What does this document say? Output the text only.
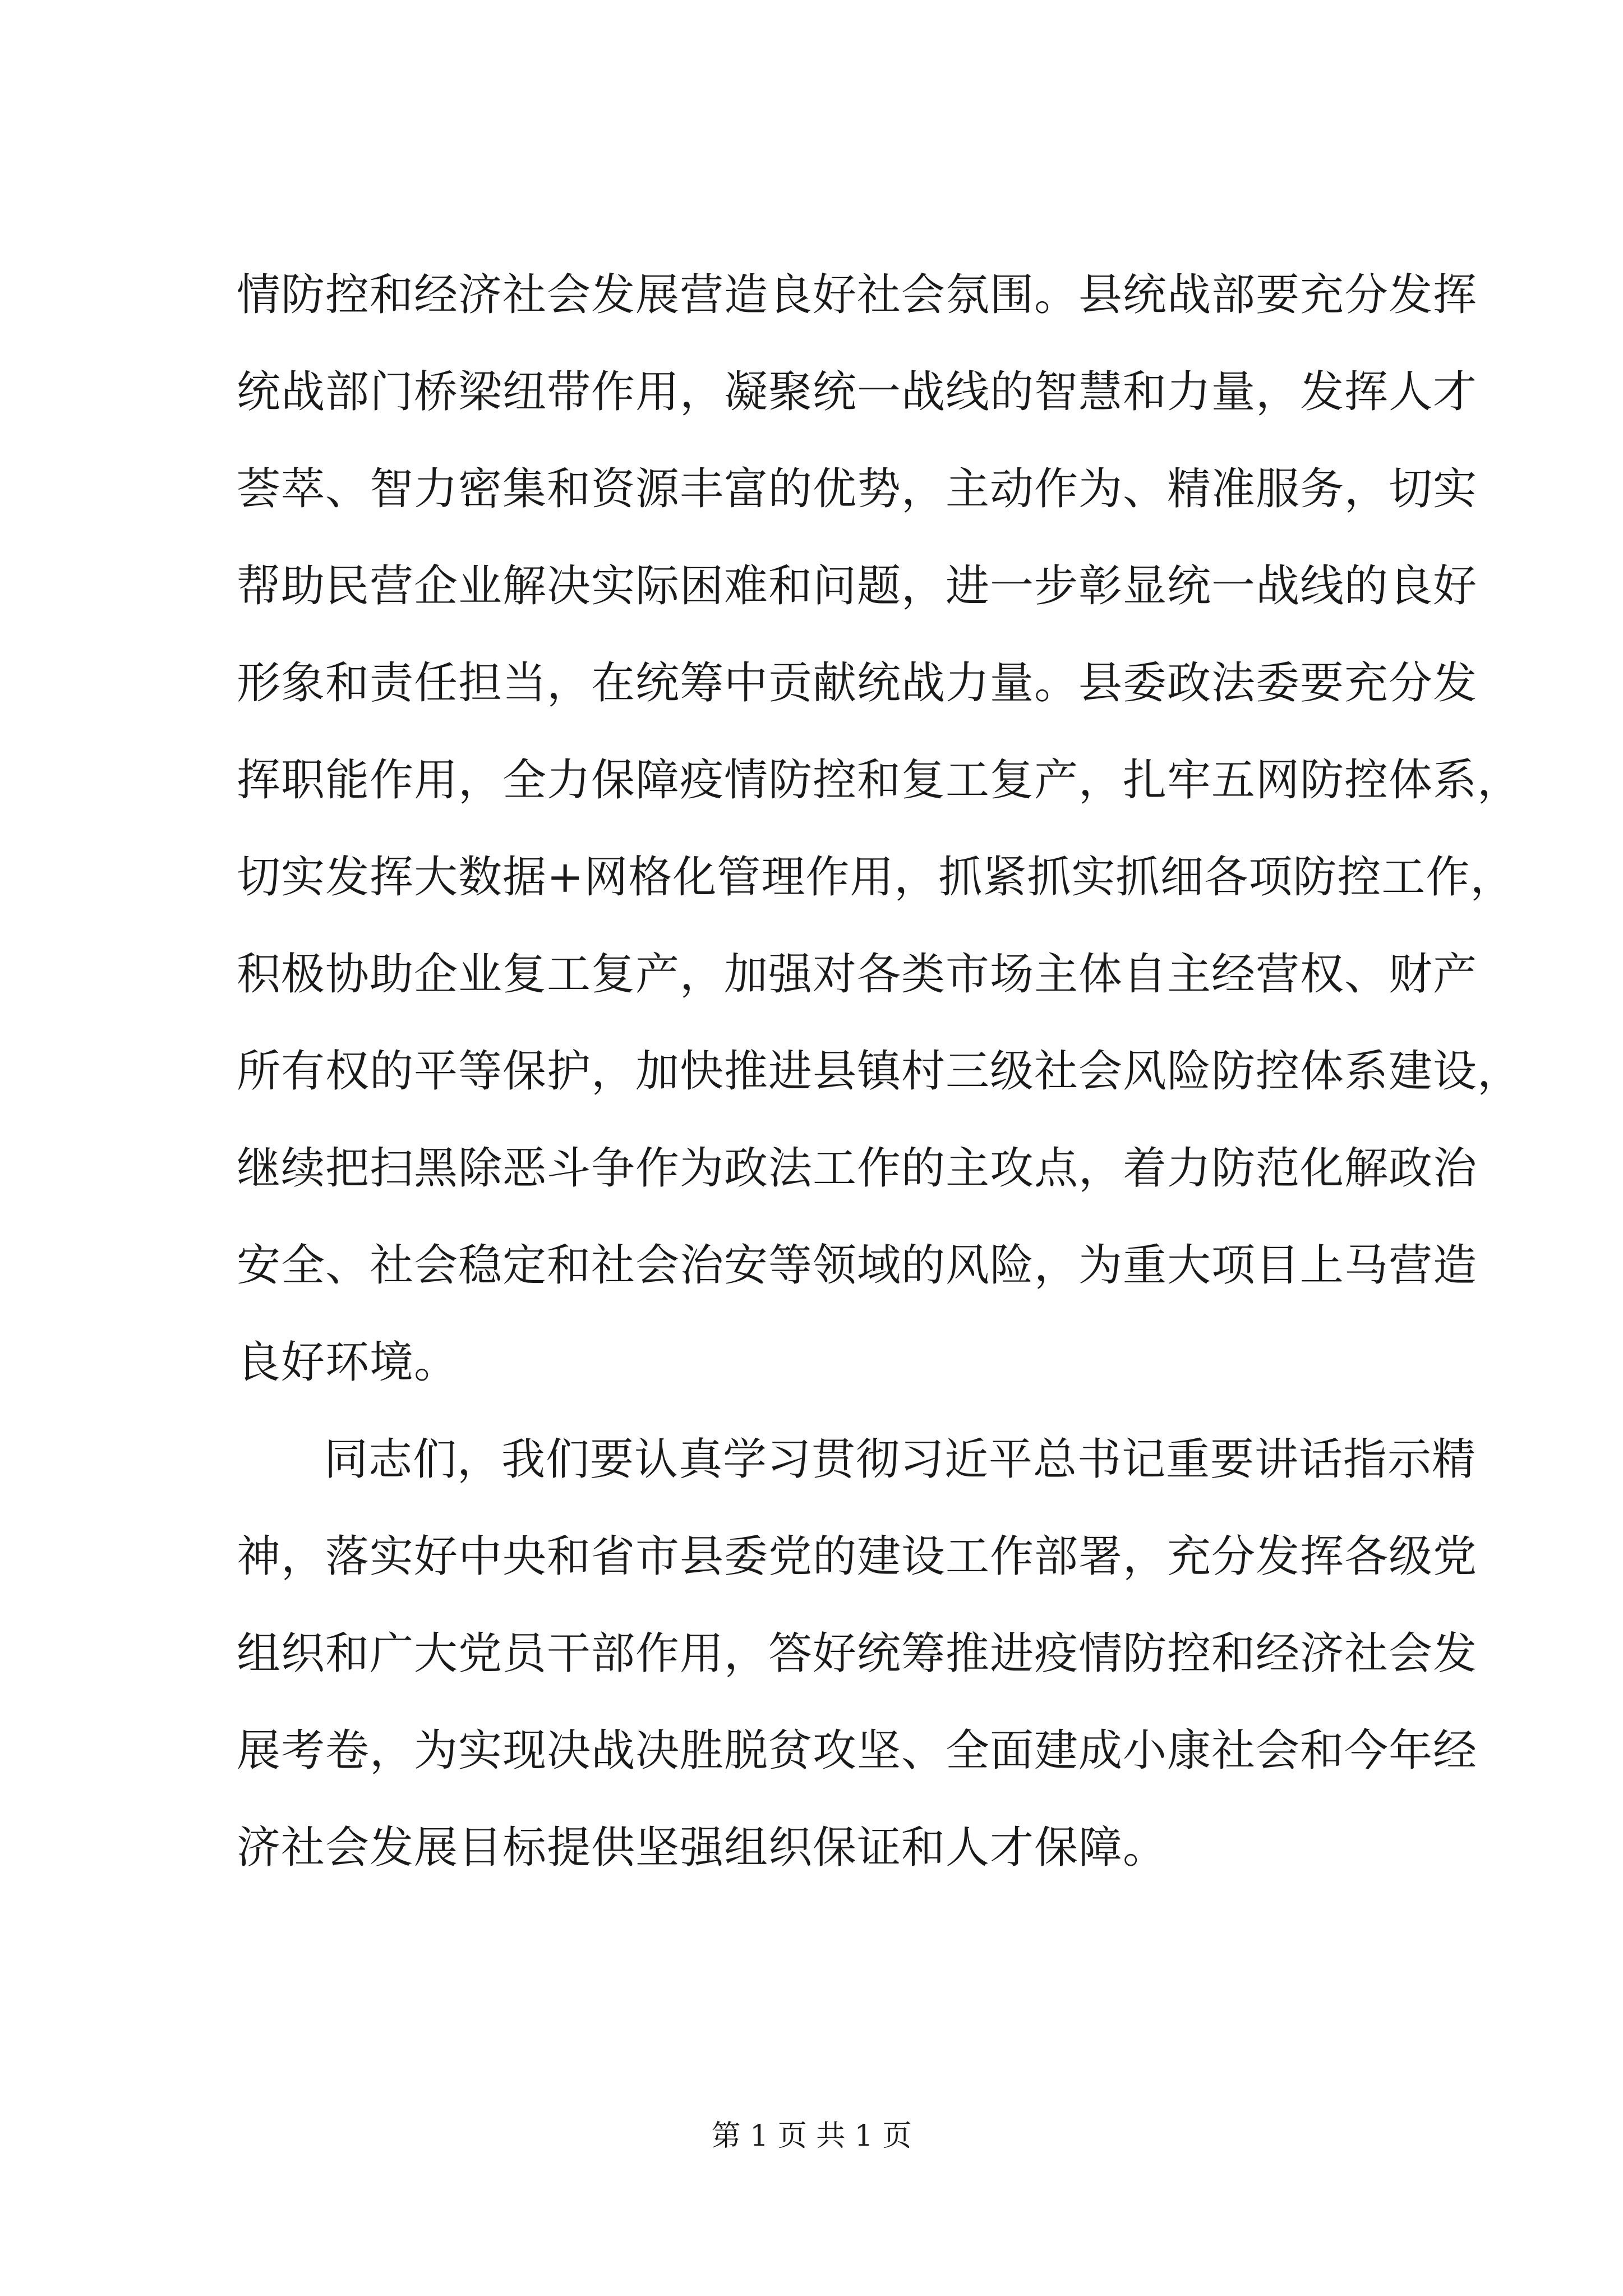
情防控和经济社会发展营造良好社会氛围。县统战部要充分发挥
统战部门桥梁纽带作用，凝聚统一战线的智慧和力量，发挥人才
荟萃、智力密集和资源丰富的优势，主动作为、精准服务，切实
帮助民营企业解决实际困难和问题，进一步彰显统一战线的良好
形象和责任担当，在统筹中贡献统战力量。县委政法委要充分发
挥职能作用，全力保障疫情防控和复工复产，扎牢五网防控体系，
切实发挥大数据+网格化管理作用，抓紧抓实抓细各项防控工作，
积极协助企业复工复产，加强对各类市场主体自主经营权、财产
所有权的平等保护，加快推进县镇村三级社会风险防控体系建设，
继续把扫黑除恶斗争作为政法工作的主攻点，着力防范化解政治
安全、社会稳定和社会治安等领域的风险，为重大项目上马营造
良好环境。
同志们，我们要认真学习贯彻习近平总书记重要讲话指示精
神，落实好中央和省市县委党的建设工作部署，充分发挥各级党
组织和广大党员干部作用，答好统筹推进疫情防控和经济社会发
展考卷，为实现决战决胜脱贫攻坚、全面建成小康社会和今年经
济社会发展目标提供坚强组织保证和人才保障。
第 1 页 共 1 页
